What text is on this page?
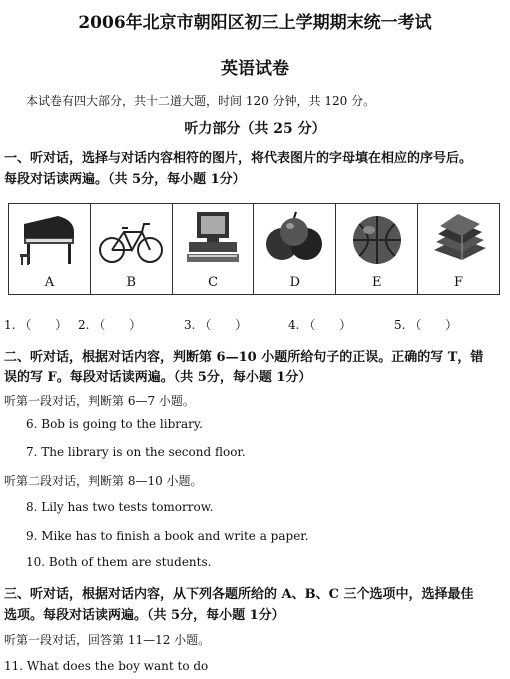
2006年北京市朝阳区初三上学期期末统一考试
英语试卷
本试卷有四大部分，共十二道大题，时间 120 分钟，共 120 分。
听力部分（共 25 分）
一、听对话，选择与对话内容相符的图片，将代表图片的字母填在相应的序号后。
每段对话读两遍。（共 5分，每小题 1分）
A	B	C	D	E	F
1. （　　） 2. （　　）	3. （　　）	4. （　　）	5. （　　）
二、听对话，根据对话内容，判断第 6—10 小题所给句子的正误。正确的写 T，错
误的写 F。每段对话读两遍。（共 5分，每小题 1分）
听第一段对话，判断第 6—7 小题。
6. Bob is going to the library.
7. The library is on the second floor.
听第二段对话，判断第 8—10 小题。
8. Lily has two tests tomorrow.
9. Mike has to finish a book and write a paper.
10. Both of them are students.
三、听对话，根据对话内容，从下列各题所给的 A、B、C 三个选项中，选择最佳
选项。每段对话读两遍。（共 5分，每小题 1分）
听第一段对话，回答第 11—12 小题。
11. What does the boy want to do
